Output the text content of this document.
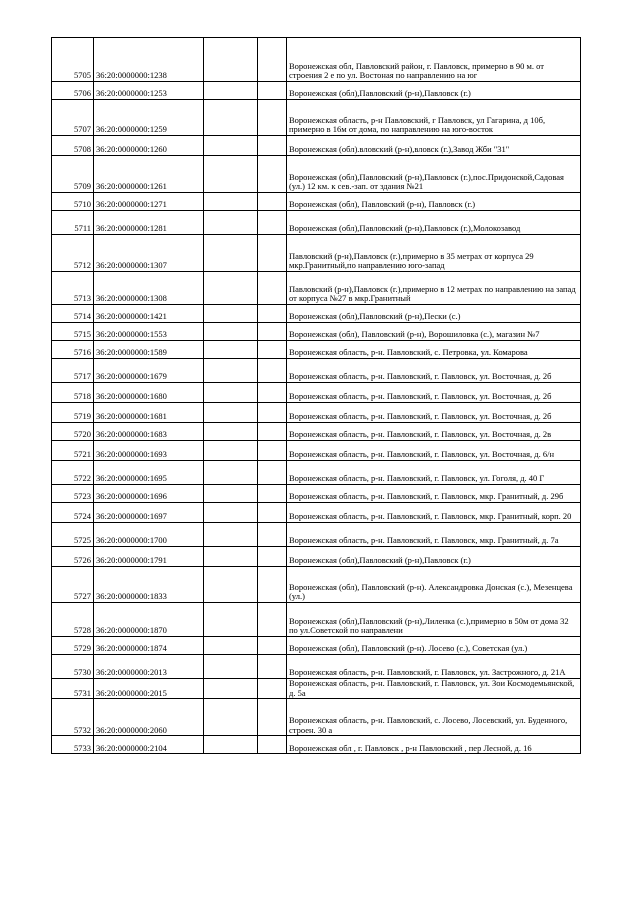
5705	36:20:0000000:1238			Воронежская обл, Павловский район, г. Павловск, примерно в 90 м. от строения 2 е по ул. Востоная по направлению на юг
5706	36:20:0000000:1253			Воронежская (обл),Павловский (р-н),Павловск (г.)
5707	36:20:0000000:1259			Воронежская область, р-н Павловский, г Павловск, ул Гагарина, д 10б, примерно в 16м от дома, по направлению на юго-восток
5708	36:20:0000000:1260			Воронежская (обл).вловский (р-н),вловск (г.),Завод Жби "31"
5709	36:20:0000000:1261			Воронежская (обл),Павловский (р-н),Павловск (г.),пос.Придонской,Садовая (ул.) 12 км. к сев.-зап. от здания №21
5710	36:20:0000000:1271			Воронежская (обл), Павловский (р-н), Павловск (г.)
5711	36:20:0000000:1281			Воронежская (обл),Павловский (р-н),Павловск (г.),Молокозавод
5712	36:20:0000000:1307			Павловский (р-н),Павловск (г.),примерно в 35 метрах от корпуса 29 мкр.Гранитный,по направлению юго-запад
5713	36:20:0000000:1308			Павловский (р-н),Павловск (г.),примерно в 12 метрах по направлению на запад от корпуса №27 в мкр.Гранитный
5714	36:20:0000000:1421			Воронежская (обл),Павловский (р-н),Пески (с.)
5715	36:20:0000000:1553			Воронежская (обл), Павловский (р-н), Ворошиловка (с.), магазин №7
5716	36:20:0000000:1589			Воронежская область, р-н. Павловский, с. Петровка, ул. Комарова
5717	36:20:0000000:1679			Воронежская область, р-н. Павловский, г. Павловск, ул. Восточная, д. 2б
5718	36:20:0000000:1680			Воронежская область, р-н. Павловский, г. Павловск, ул. Восточная, д. 2б
5719	36:20:0000000:1681			Воронежская область, р-н. Павловский, г. Павловск, ул. Восточная, д. 2б
5720	36:20:0000000:1683			Воронежская область, р-н. Павловский, г. Павловск, ул. Восточная, д. 2в
5721	36:20:0000000:1693			Воронежская область, р-н. Павловский, г. Павловск, ул. Восточная, д. 6/н
5722	36:20:0000000:1695			Воронежская область, р-н. Павловский, г. Павловск, ул. Гоголя, д. 40 Г
5723	36:20:0000000:1696			Воронежская область, р-н. Павловский, г. Павловск, мкр. Гранитный, д. 29б
5724	36:20:0000000:1697			Воронежская область, р-н. Павловский, г. Павловск, мкр. Гранитный, корп. 20
5725	36:20:0000000:1700			Воронежская область, р-н. Павловский, г. Павловск, мкр. Гранитный, д. 7а
5726	36:20:0000000:1791			Воронежская (обл),Павловский (р-н),Павловск (г.)
5727	36:20:0000000:1833			Воронежская (обл), Павловский (р-н). Александровка Донская (с.), Мезенцева (ул.)
5728	36:20:0000000:1870			Воронежская (обл),Павловский (р-н),Лиленка (с.),примерно в 50м от дома 32 по ул.Советской по направлени
5729	36:20:0000000:1874			Воронежская (обл), Павловский (р-н). Лосево (с.), Советская (ул.)
5730	36:20:0000000:2013			Воронежская область, р-н. Павловский, г. Павловск, ул. Застрожного, д. 21А
5731	36:20:0000000:2015			Воронежская область, р-н. Павловский, г. Павловск, ул. Зои Космодемьянской, д. 5а
5732	36:20:0000000:2060			Воронежская область, р-н. Павловский, с. Лосево, Лосевский, ул. Буденного, строен. 30 а
5733	36:20:0000000:2104			Воронежская обл , г. Павловск , р-н Павловский , пер Лесной, д. 16
